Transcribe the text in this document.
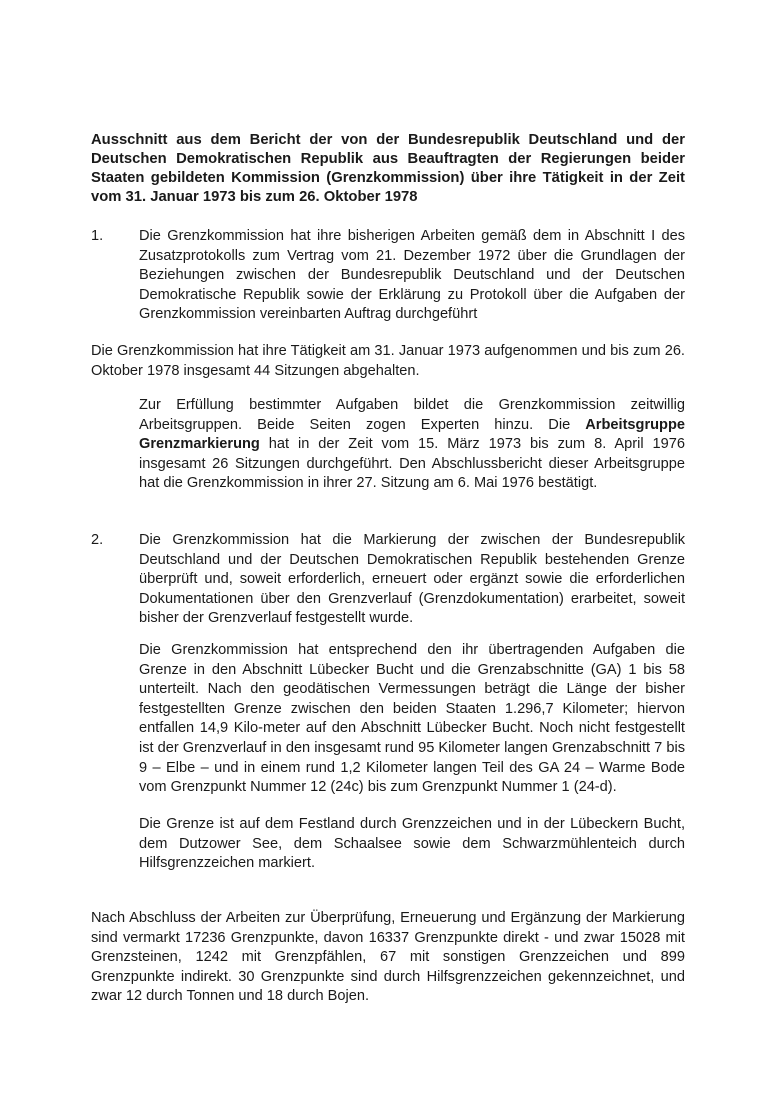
Ausschnitt aus dem Bericht der von der Bundesrepublik Deutschland und der Deutschen Demokratischen Republik aus Beauftragten der Regierungen beider Staaten gebildeten Kommission (Grenzkommission) über ihre Tätigkeit in der Zeit vom 31. Januar 1973 bis zum 26. Oktober 1978

1. Die Grenzkommission hat ihre bisherigen Arbeiten gemäß dem in Abschnitt I des Zusatzprotokolls zum Vertrag vom 21. Dezember 1972 über die Grundlagen der Beziehungen zwischen der Bundesrepublik Deutschland und der Deutschen Demokratische Republik sowie der Erklärung zu Protokoll über die Aufgaben der Grenzkommission vereinbarten Auftrag durchgeführt

Die Grenzkommission hat ihre Tätigkeit am 31. Januar 1973 aufgenommen und bis zum 26. Oktober 1978 insgesamt 44 Sitzungen abgehalten.

Zur Erfüllung bestimmter Aufgaben bildet die Grenzkommission zeitwillig Arbeitsgruppen. Beide Seiten zogen Experten hinzu. Die Arbeitsgruppe Grenzmarkierung hat in der Zeit vom 15. März 1973 bis zum 8. April 1976 insgesamt 26 Sitzungen durchgeführt. Den Abschlussbericht dieser Arbeitsgruppe hat die Grenzkommission in ihrer 27. Sitzung am 6. Mai 1976 bestätigt.

2. Die Grenzkommission hat die Markierung der zwischen der Bundesrepublik Deutschland und der Deutschen Demokratischen Republik bestehenden Grenze überprüft und, soweit erforderlich, erneuert oder ergänzt sowie die erforderlichen Dokumentationen über den Grenzverlauf (Grenzdokumentation) erarbeitet, soweit bisher der Grenzverlauf festgestellt wurde.

Die Grenzkommission hat entsprechend den ihr übertragenden Aufgaben die Grenze in den Abschnitt Lübecker Bucht und die Grenzabschnitte (GA) 1 bis 58 unterteilt. Nach den geodätischen Vermessungen beträgt die Länge der bisher festgestellten Grenze zwischen den beiden Staaten 1.296,7 Kilometer; hiervon entfallen 14,9 Kilo-meter auf den Abschnitt Lübecker Bucht. Noch nicht festgestellt ist der Grenzverlauf in den insgesamt rund 95 Kilometer langen Grenzabschnitt 7 bis 9 – Elbe – und in einem rund 1,2 Kilometer langen Teil des GA 24 – Warme Bode vom Grenzpunkt Nummer 12 (24c) bis zum Grenzpunkt Nummer 1 (24-d).

Die Grenze ist auf dem Festland durch Grenzzeichen und in der Lübeckern Bucht, dem Dutzower See, dem Schaalsee sowie dem Schwarzmühlenteich durch Hilfsgrenzzeichen markiert.

Nach Abschluss der Arbeiten zur Überprüfung, Erneuerung und Ergänzung der Markierung sind vermarkt 17236 Grenzpunkte, davon 16337 Grenzpunkte direkt - und zwar 15028 mit Grenzsteinen, 1242 mit Grenzpfählen, 67 mit sonstigen Grenzzeichen und 899 Grenzpunkte indirekt. 30 Grenzpunkte sind durch Hilfsgrenzzeichen gekennzeichnet, und zwar 12 durch Tonnen und 18 durch Bojen.
